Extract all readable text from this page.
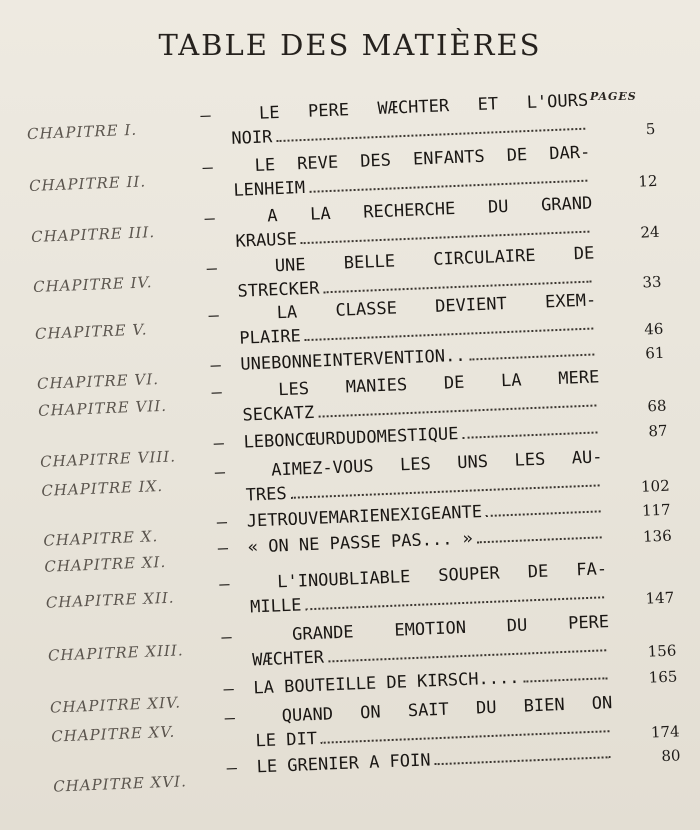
TABLE DES MATIÈRES
PAGES
CHAPITRE I.
—	LE PERE WÆCHTER ET L'OURS
NOIR	5
CHAPITRE II.
—	LE REVE DES ENFANTS DE DAR-
LENHEIM	12
CHAPITRE III.
—	A LA RECHERCHE DU GRAND
KRAUSE	24
CHAPITRE IV.
—	UNE BELLE CIRCULAIRE DE
STRECKER	33
CHAPITRE V.
—	LA CLASSE DEVIENT EXEM-
PLAIRE	46
CHAPITRE VI.
—	UNE BONNE INTERVENTION ..	61
CHAPITRE VII.
—	LES MANIES DE LA MERE
SECKATZ	68
CHAPITRE VIII.
—	LE BON CŒUR DU DOMESTIQUE	87
CHAPITRE IX.
—	AIMEZ-VOUS LES UNS LES AU-
TRES	102
CHAPITRE X.
—	JE TROUVE MARIEN EXIGEANTE	117
CHAPITRE XI.
—	« ON NE PASSE PAS... »	136
CHAPITRE XII.
—	L'INOUBLIABLE SOUPER DE FA-
MILLE	147
CHAPITRE XIII.
—	GRANDE EMOTION DU PERE
WÆCHTER	156
CHAPITRE XIV.
—	LA BOUTEILLE DE KIRSCH ....	165
CHAPITRE XV.
—	QUAND ON SAIT DU BIEN ON
LE DIT	174
CHAPITRE XVI.
—	LE GRENIER A FOIN	80
